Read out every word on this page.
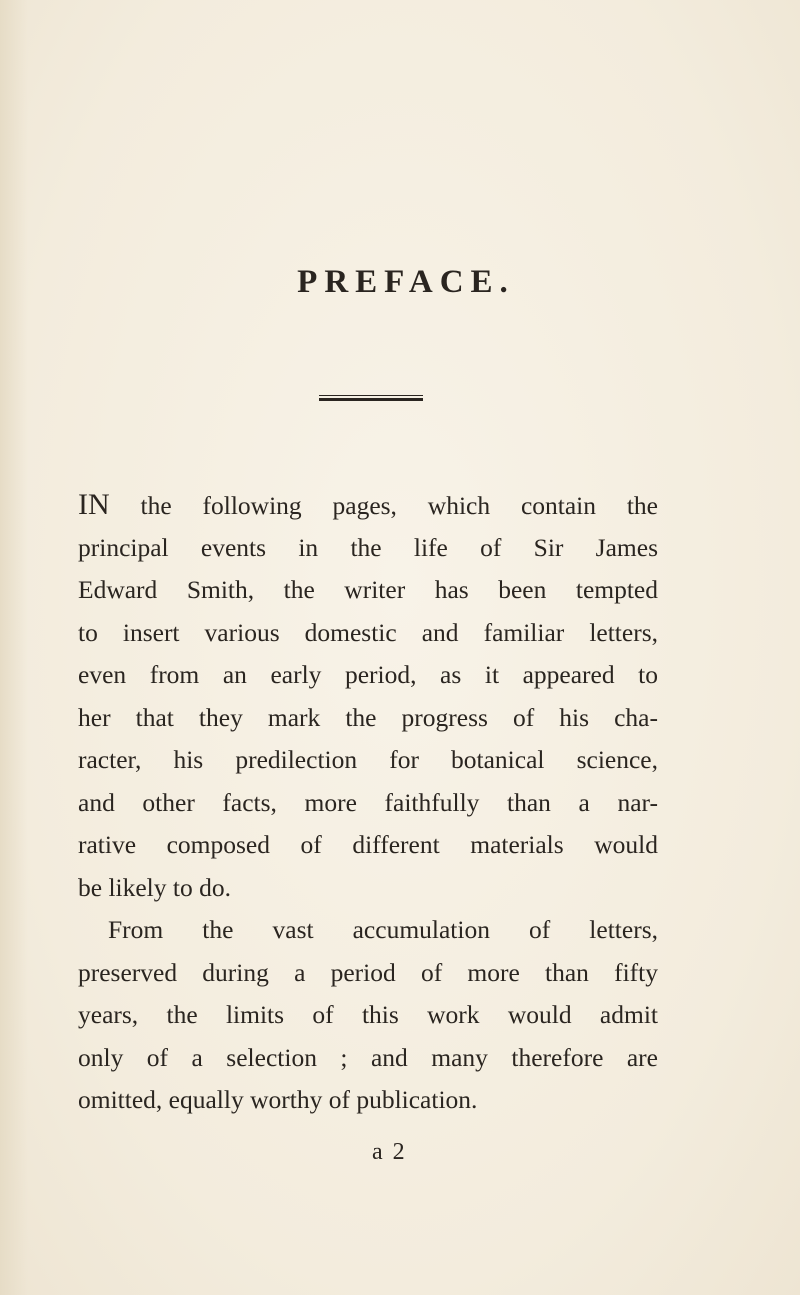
PREFACE.
IN the following pages, which contain the
principal events in the life of Sir James
Edward Smith, the writer has been tempted
to insert various domestic and familiar letters,
even from an early period, as it appeared to
her that they mark the progress of his cha-
racter, his predilection for botanical science,
and other facts, more faithfully than a nar-
rative composed of different materials would
be likely to do.
From the vast accumulation of letters,
preserved during a period of more than fifty
years, the limits of this work would admit
only of a selection ; and many therefore are
omitted, equally worthy of publication.
a 2
